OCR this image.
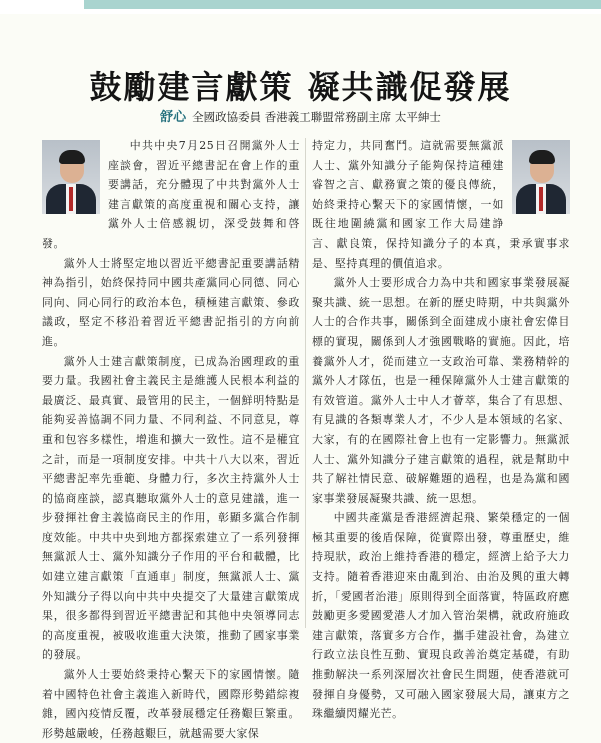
鼓勵建言獻策 凝共識促發展
舒心 全國政協委員 香港義工聯盟常務副主席 太平紳士

中共中央7月25日召開黨外人士座談會，習近平總書記在會上作的重要講話，充分體現了中共對黨外人士建言獻策的高度重視和關心支持，讓黨外人士倍感親切，深受鼓舞和啓發。

黨外人士將堅定地以習近平總書記重要講話精神為指引，始終保持同中國共產黨同心同德、同心同向、同心同行的政治本色，積極建言獻策、參政議政，堅定不移沿着習近平總書記指引的方向前進。

黨外人士建言獻策制度，已成為治國理政的重要力量。我國社會主義民主是維護人民根本利益的最廣泛、最真實、最管用的民主，一個鮮明特點是能夠妥善協調不同力量、不同利益、不同意見，尊重和包容多樣性，增進和擴大一致性。這不是權宜之計，而是一項制度安排。中共十八大以來，習近平總書記率先垂範、身體力行，多次主持黨外人士的協商座談，認真聽取黨外人士的意見建議，進一步發揮社會主義協商民主的作用，彰顯多黨合作制度效能。中共中央到地方都探索建立了一系列發揮無黨派人士、黨外知識分子作用的平台和載體，比如建立建言獻策「直通車」制度，無黨派人士、黨外知識分子得以向中共中央提交了大量建言獻策成果，很多都得到習近平總書記和其他中央領導同志的高度重視，被吸收進重大決策，推動了國家事業的發展。

黨外人士要始終秉持心繫天下的家國情懷。隨着中國特色社會主義進入新時代，國際形勢錯綜複雜，國內疫情反覆，改革發展穩定任務艱巨繁重。形勢越嚴峻，任務越艱巨，就越需要大家保

持定力，共同奮鬥。這就需要無黨派人士、黨外知識分子能夠保持這種建睿智之言、獻務實之策的優良傳統，始終秉持心繫天下的家國情懷，一如既往地圍繞黨和國家工作大局建諍言、獻良策，保持知識分子的本真，秉承實事求是、堅持真理的價值追求。

黨外人士要形成合力為中共和國家事業發展凝聚共識、統一思想。在新的歷史時期，中共與黨外人士的合作共事，關係到全面建成小康社會宏偉目標的實現，關係到人才強國戰略的實施。因此，培養黨外人才，從而建立一支政治可靠、業務精幹的黨外人才隊伍，也是一種保障黨外人士建言獻策的有效管道。黨外人士中人才薈萃，集合了有思想、有見識的各類專業人才，不少人是本領域的名家、大家，有的在國際社會上也有一定影響力。無黨派人士、黨外知識分子建言獻策的過程，就是幫助中共了解社情民意、破解難題的過程，也是為黨和國家事業發展凝聚共識、統一思想。

中國共產黨是香港經濟起飛、繁榮穩定的一個極其重要的後盾保障，從實際出發，尊重歷史，維持現狀，政治上維持香港的穩定，經濟上給予大力支持。隨着香港迎來由亂到治、由治及興的重大轉折，「愛國者治港」原則得到全面落實，特區政府應鼓勵更多愛國愛港人才加入管治架構，就政府施政建言獻策，落實多方合作，攜手建設社會，為建立行政立法良性互動、實現良政善治奠定基礎，有助推動解決一系列深層次社會民生問題，使香港就可發揮自身優勢，又可融入國家發展大局，讓東方之珠繼續閃耀光芒。
